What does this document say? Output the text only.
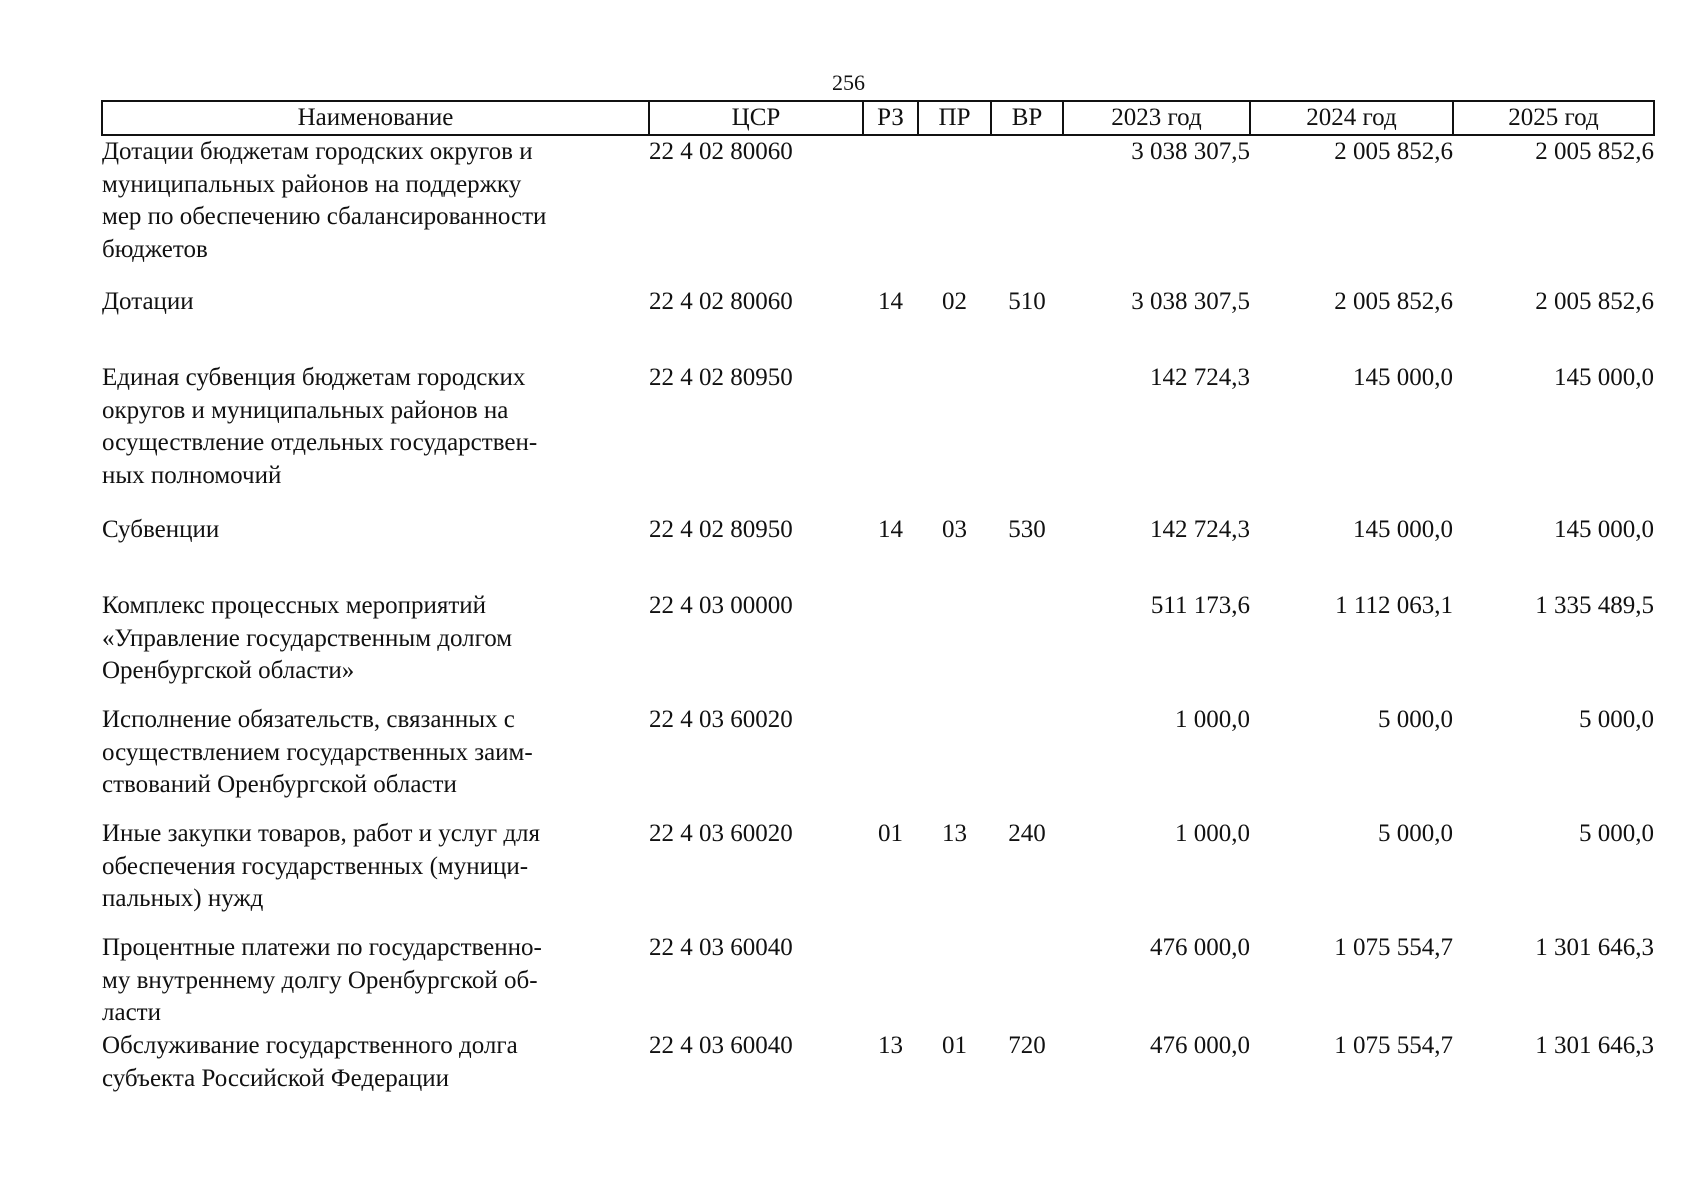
256
Наименование	ЦСР	РЗ	ПР	ВР	2023 год	2024 год	2025 год

Дотации бюджетам городских округов и
муниципальных районов на поддержку
мер по обеспечению сбалансированности
бюджетов	22 4 02 80060				3 038 307,5	2 005 852,6	2 005 852,6

Дотации	22 4 02 80060	14	02	510	3 038 307,5	2 005 852,6	2 005 852,6

Единая субвенция бюджетам городских
округов и муниципальных районов на
осуществление отдельных государствен-
ных полномочий	22 4 02 80950				142 724,3	145 000,0	145 000,0

Субвенции	22 4 02 80950	14	03	530	142 724,3	145 000,0	145 000,0

Комплекс процессных мероприятий
«Управление государственным долгом
Оренбургской области»	22 4 03 00000				511 173,6	1 112 063,1	1 335 489,5

Исполнение обязательств, связанных с
осуществлением государственных заим-
ствований Оренбургской области	22 4 03 60020				1 000,0	5 000,0	5 000,0

Иные закупки товаров, работ и услуг для
обеспечения государственных (муници-
пальных) нужд	22 4 03 60020	01	13	240	1 000,0	5 000,0	5 000,0

Процентные платежи по государственно-
му внутреннему долгу Оренбургской об-
ласти	22 4 03 60040				476 000,0	1 075 554,7	1 301 646,3

Обслуживание государственного долга
субъекта Российской Федерации	22 4 03 60040	13	01	720	476 000,0	1 075 554,7	1 301 646,3
